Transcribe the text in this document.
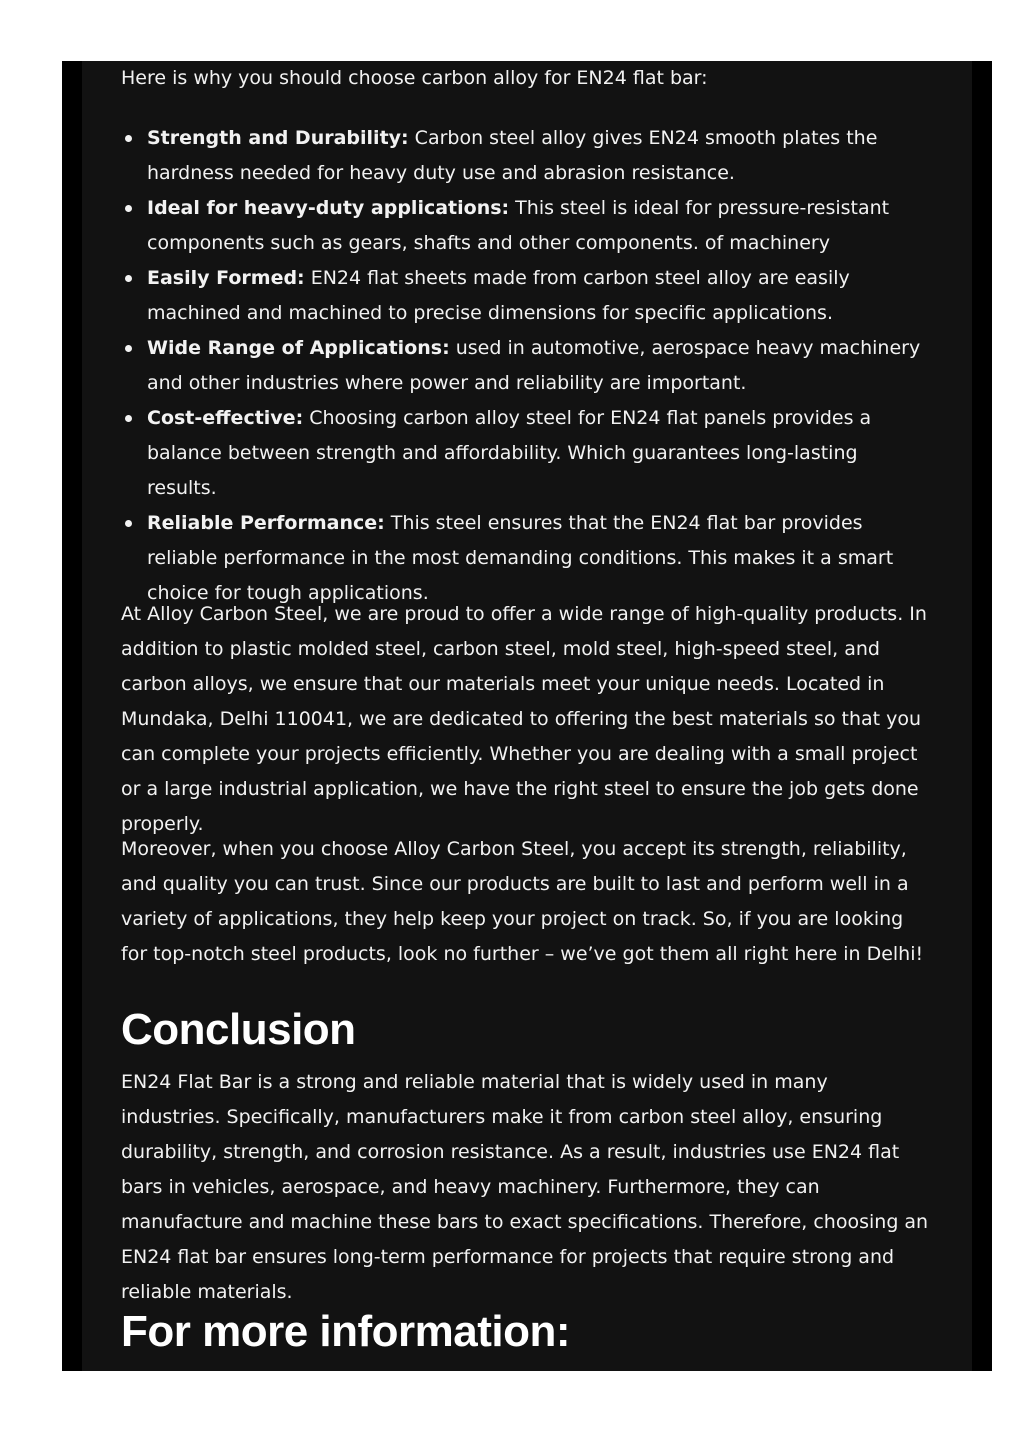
Here is why you should choose carbon alloy for EN24 flat bar:

Strength and Durability: Carbon steel alloy gives EN24 smooth plates the hardness needed for heavy duty use and abrasion resistance.
Ideal for heavy-duty applications: This steel is ideal for pressure-resistant components such as gears, shafts and other components. of machinery
Easily Formed: EN24 flat sheets made from carbon steel alloy are easily machined and machined to precise dimensions for specific applications.
Wide Range of Applications: used in automotive, aerospace heavy machinery and other industries where power and reliability are important.
Cost-effective: Choosing carbon alloy steel for EN24 flat panels provides a balance between strength and affordability. Which guarantees long-lasting results.
Reliable Performance: This steel ensures that the EN24 flat bar provides reliable performance in the most demanding conditions. This makes it a smart choice for tough applications.

At Alloy Carbon Steel, we are proud to offer a wide range of high-quality products. In addition to plastic molded steel, carbon steel, mold steel, high-speed steel, and carbon alloys, we ensure that our materials meet your unique needs. Located in Mundaka, Delhi 110041, we are dedicated to offering the best materials so that you can complete your projects efficiently. Whether you are dealing with a small project or a large industrial application, we have the right steel to ensure the job gets done properly.

Moreover, when you choose Alloy Carbon Steel, you accept its strength, reliability, and quality you can trust. Since our products are built to last and perform well in a variety of applications, they help keep your project on track. So, if you are looking for top-notch steel products, look no further – we’ve got them all right here in Delhi!

Conclusion

EN24 Flat Bar is a strong and reliable material that is widely used in many industries. Specifically, manufacturers make it from carbon steel alloy, ensuring durability, strength, and corrosion resistance. As a result, industries use EN24 flat bars in vehicles, aerospace, and heavy machinery. Furthermore, they can manufacture and machine these bars to exact specifications. Therefore, choosing an EN24 flat bar ensures long-term performance for projects that require strong and reliable materials.

For more information:
